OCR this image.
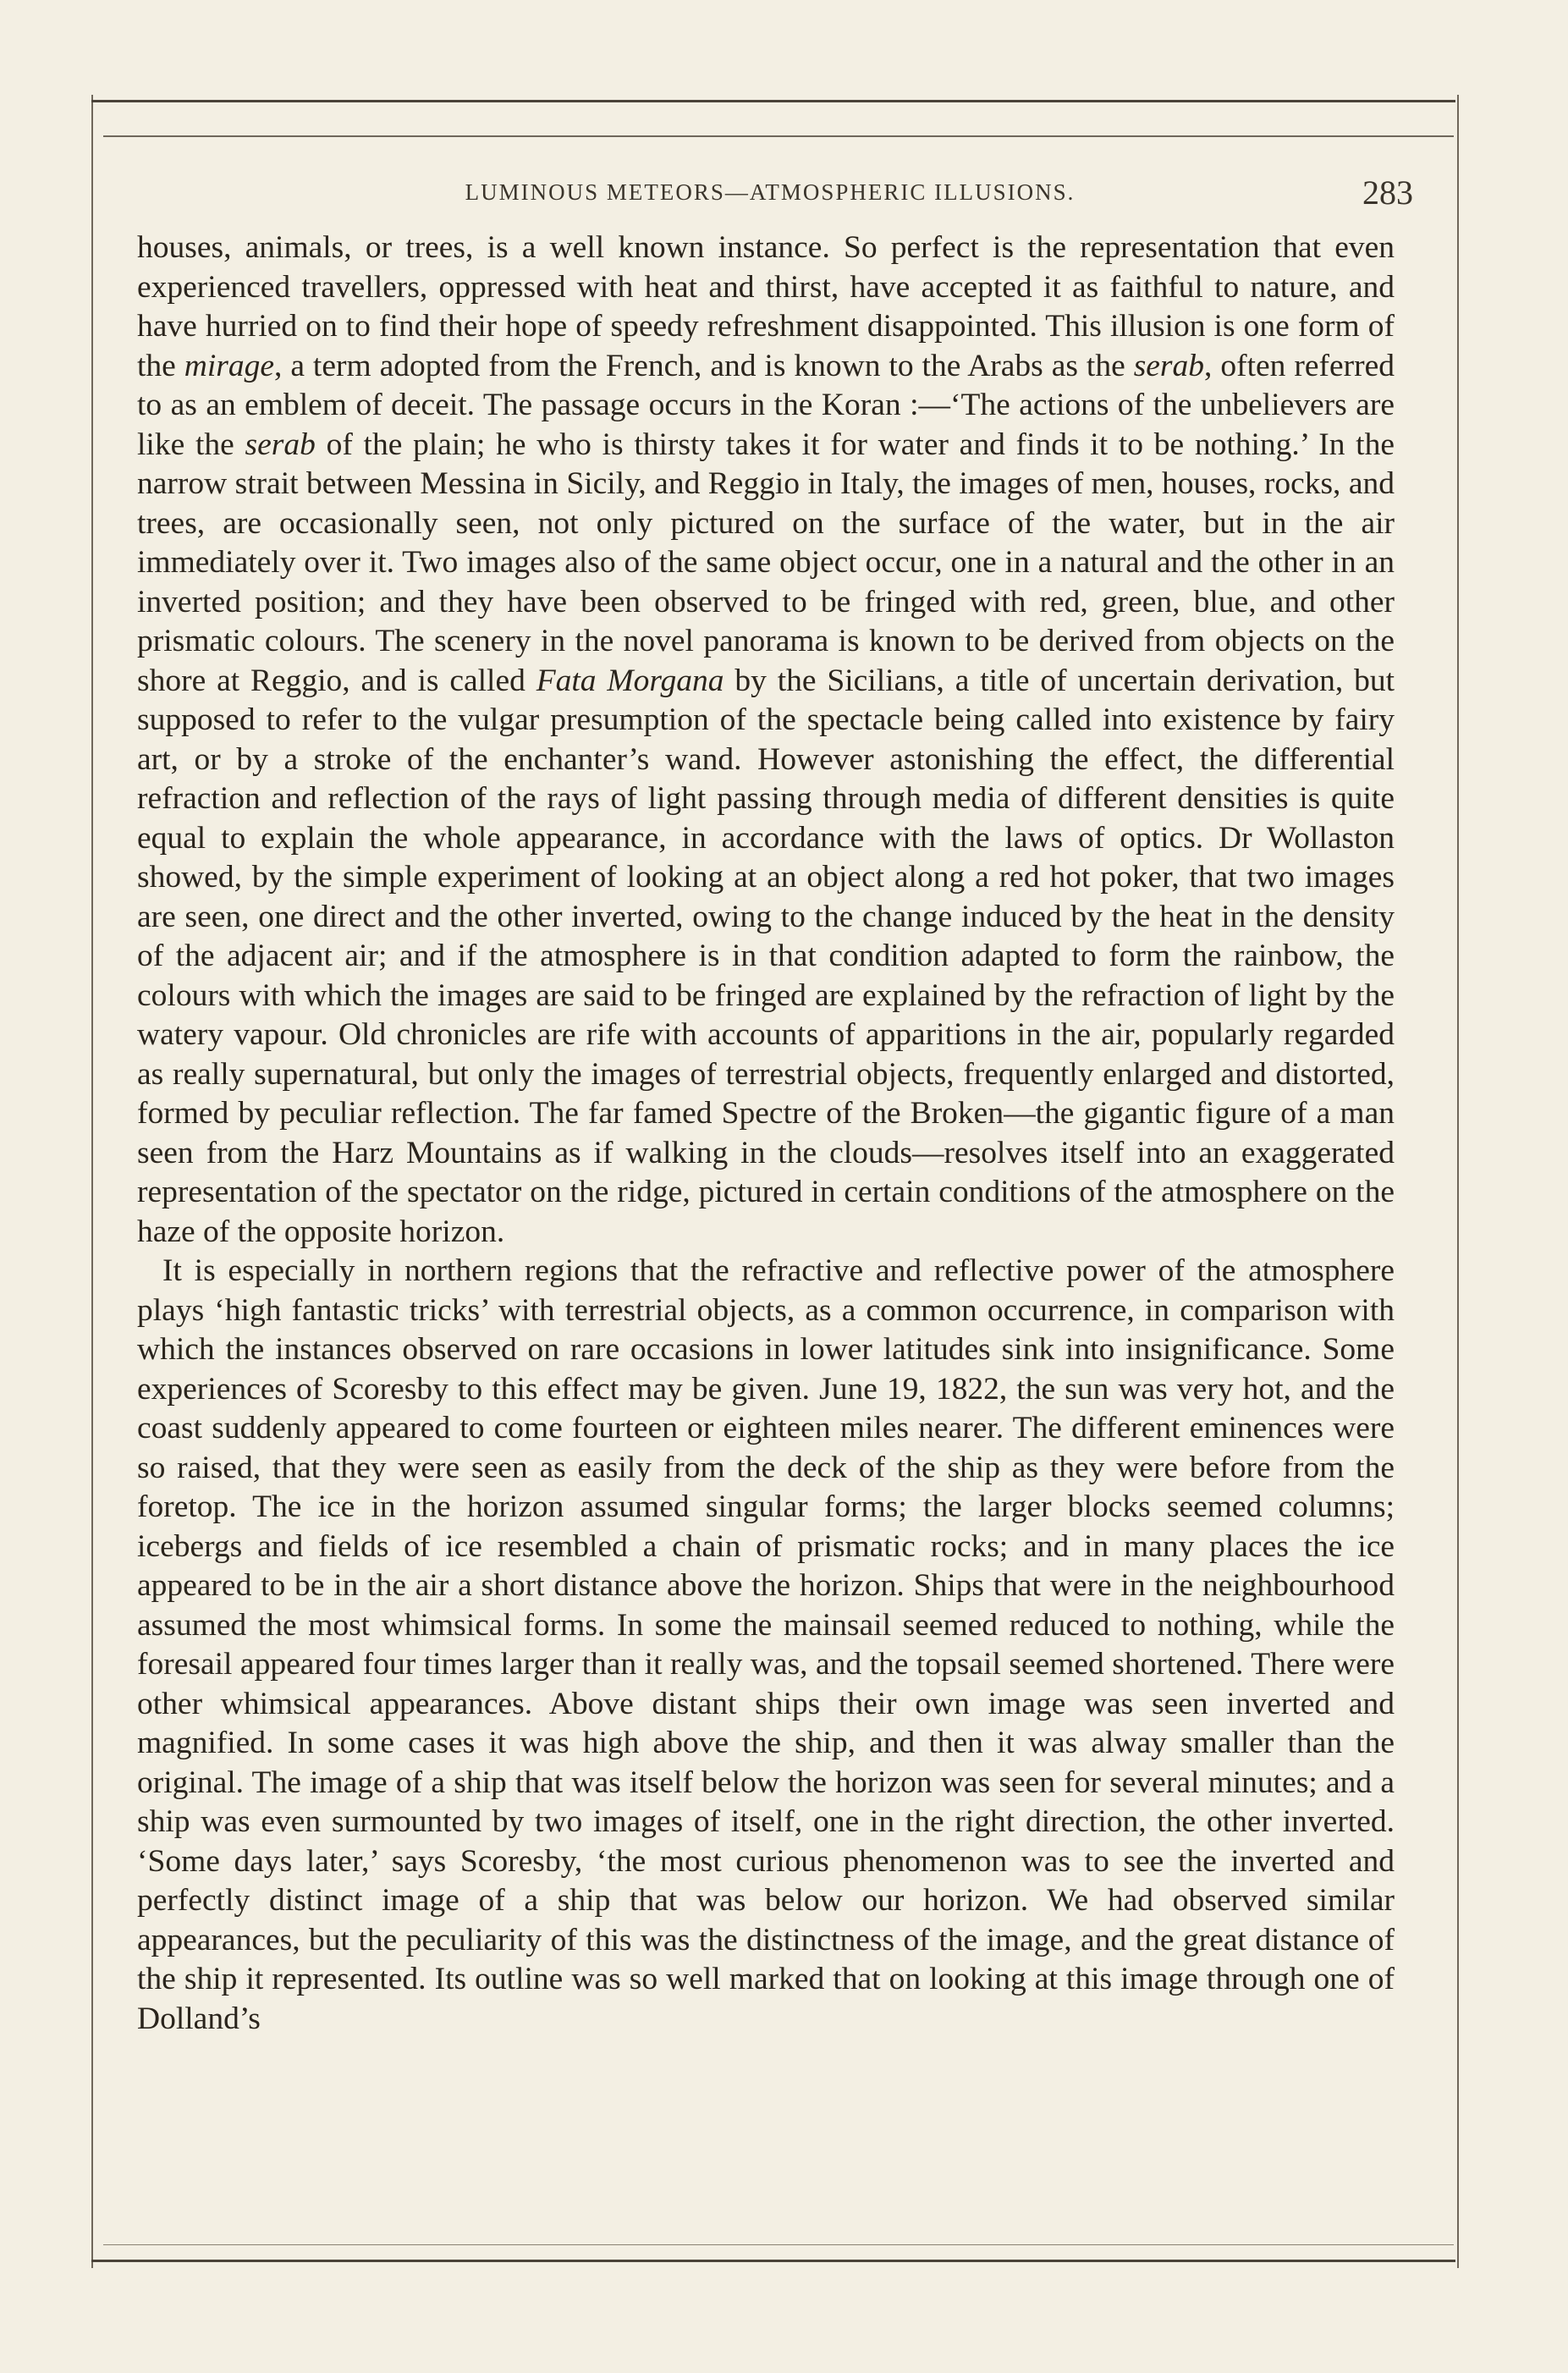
LUMINOUS METEORS—ATMOSPHERIC ILLUSIONS.	283

houses, animals, or trees, is a well known instance. So perfect is the representation that even experienced travellers, oppressed with heat and thirst, have accepted it as faithful to nature, and have hurried on to find their hope of speedy refreshment disappointed. This illusion is one form of the mirage, a term adopted from the French, and is known to the Arabs as the serab, often referred to as an emblem of deceit. The passage occurs in the Koran :—‘The actions of the unbelievers are like the serab of the plain; he who is thirsty takes it for water and finds it to be nothing.’ In the narrow strait between Messina in Sicily, and Reggio in Italy, the images of men, houses, rocks, and trees, are occasionally seen, not only pictured on the surface of the water, but in the air immediately over it. Two images also of the same object occur, one in a natural and the other in an inverted position; and they have been observed to be fringed with red, green, blue, and other prismatic colours. The scenery in the novel panorama is known to be derived from objects on the shore at Reggio, and is called Fata Morgana by the Sicilians, a title of uncertain derivation, but supposed to refer to the vulgar presumption of the spectacle being called into existence by fairy art, or by a stroke of the enchanter’s wand. However astonishing the effect, the differential refraction and reflection of the rays of light passing through media of different densities is quite equal to explain the whole appearance, in accordance with the laws of optics. Dr Wollaston showed, by the simple experiment of looking at an object along a red hot poker, that two images are seen, one direct and the other inverted, owing to the change induced by the heat in the density of the adjacent air; and if the atmosphere is in that condition adapted to form the rainbow, the colours with which the images are said to be fringed are explained by the refraction of light by the watery vapour. Old chronicles are rife with accounts of apparitions in the air, popularly regarded as really supernatural, but only the images of terrestrial objects, frequently enlarged and distorted, formed by peculiar reflection. The far famed Spectre of the Broken—the gigantic figure of a man seen from the Harz Mountains as if walking in the clouds—resolves itself into an exaggerated representation of the spectator on the ridge, pictured in certain conditions of the atmosphere on the haze of the opposite horizon.

It is especially in northern regions that the refractive and reflective power of the atmosphere plays ‘high fantastic tricks’ with terrestrial objects, as a common occurrence, in comparison with which the instances observed on rare occasions in lower latitudes sink into insignificance. Some experiences of Scoresby to this effect may be given. June 19, 1822, the sun was very hot, and the coast suddenly appeared to come fourteen or eighteen miles nearer. The different eminences were so raised, that they were seen as easily from the deck of the ship as they were before from the foretop. The ice in the horizon assumed singular forms; the larger blocks seemed columns; icebergs and fields of ice resembled a chain of prismatic rocks; and in many places the ice appeared to be in the air a short distance above the horizon. Ships that were in the neighbourhood assumed the most whimsical forms. In some the mainsail seemed reduced to nothing, while the foresail appeared four times larger than it really was, and the topsail seemed shortened. There were other whimsical appearances. Above distant ships their own image was seen inverted and magnified. In some cases it was high above the ship, and then it was alway smaller than the original. The image of a ship that was itself below the horizon was seen for several minutes; and a ship was even surmounted by two images of itself, one in the right direction, the other inverted. ‘Some days later,’ says Scoresby, ‘the most curious phenomenon was to see the inverted and perfectly distinct image of a ship that was below our horizon. We had observed similar appearances, but the peculiarity of this was the distinctness of the image, and the great distance of the ship it represented. Its outline was so well marked that on looking at this image through one of Dolland’s
